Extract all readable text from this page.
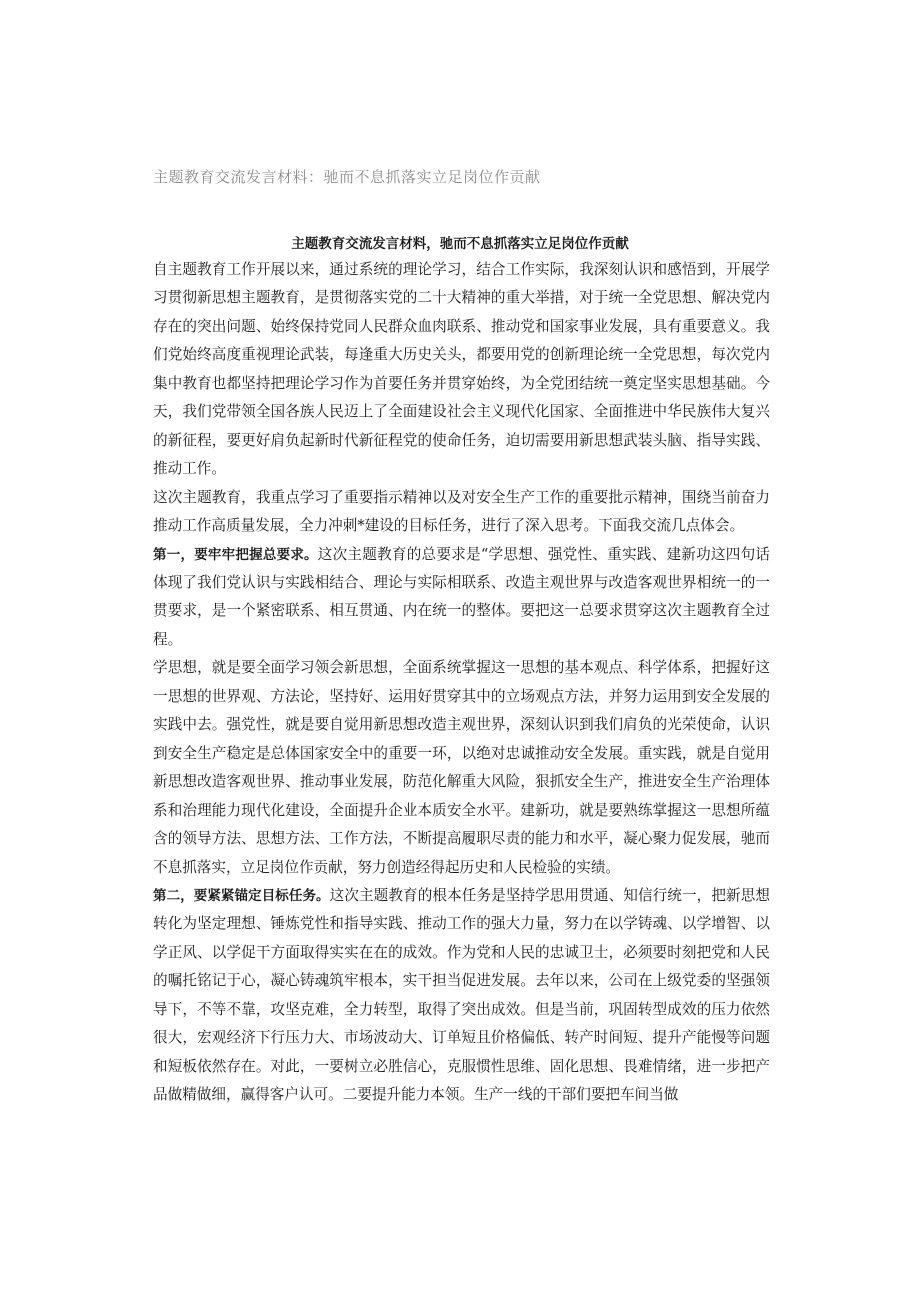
主题教育交流发言材料：驰而不息抓落实立足岗位作贡献
主题教育交流发言材料，驰而不息抓落实立足岗位作贡献

自主题教育工作开展以来，通过系统的理论学习，结合工作实际，我深刻认识和感悟到，开展学习贯彻新思想主题教育，是贯彻落实党的二十大精神的重大举措，对于统一全党思想、解决党内存在的突出问题、始终保持党同人民群众血肉联系、推动党和国家事业发展，具有重要意义。我们党始终高度重视理论武装，每逢重大历史关头，都要用党的创新理论统一全党思想，每次党内集中教育也都坚持把理论学习作为首要任务并贯穿始终，为全党团结统一奠定坚实思想基础。今天，我们党带领全国各族人民迈上了全面建设社会主义现代化国家、全面推进中华民族伟大复兴的新征程，要更好肩负起新时代新征程党的使命任务，迫切需要用新思想武装头脑、指导实践、推动工作。

这次主题教育，我重点学习了重要指示精神以及对安全生产工作的重要批示精神，围绕当前奋力推动工作高质量发展，全力冲刺*建设的目标任务，进行了深入思考。下面我交流几点体会。

第一，要牢牢把握总要求。这次主题教育的总要求是“学思想、强党性、重实践、建新功这四句话体现了我们党认识与实践相结合、理论与实际相联系、改造主观世界与改造客观世界相统一的一贯要求，是一个紧密联系、相互贯通、内在统一的整体。要把这一总要求贯穿这次主题教育全过程。

学思想，就是要全面学习领会新思想，全面系统掌握这一思想的基本观点、科学体系，把握好这一思想的世界观、方法论，坚持好、运用好贯穿其中的立场观点方法，并努力运用到安全发展的实践中去。强党性，就是要自觉用新思想改造主观世界，深刻认识到我们肩负的光荣使命，认识到安全生产稳定是总体国家安全中的重要一环，以绝对忠诚推动安全发展。重实践，就是自觉用新思想改造客观世界、推动事业发展，防范化解重大风险，狠抓安全生产，推进安全生产治理体系和治理能力现代化建设，全面提升企业本质安全水平。建新功，就是要熟练掌握这一思想所蕴含的领导方法、思想方法、工作方法，不断提高履职尽责的能力和水平，凝心聚力促发展，驰而不息抓落实，立足岗位作贡献，努力创造经得起历史和人民检验的实绩。

第二，要紧紧锚定目标任务。这次主题教育的根本任务是坚持学思用贯通、知信行统一，把新思想转化为坚定理想、锤炼党性和指导实践、推动工作的强大力量，努力在以学铸魂、以学增智、以学正风、以学促干方面取得实实在在的成效。作为党和人民的忠诚卫士，必须要时刻把党和人民的嘱托铭记于心，凝心铸魂筑牢根本，实干担当促进发展。去年以来，公司在上级党委的坚强领导下，不等不靠，攻坚克难，全力转型，取得了突出成效。但是当前，巩固转型成效的压力依然很大，宏观经济下行压力大、市场波动大、订单短且价格偏低、转产时间短、提升产能慢等问题和短板依然存在。对此，一要树立必胜信心，克服惯性思维、固化思想、畏难情绪，进一步把产品做精做细，赢得客户认可。二要提升能力本领。生产一线的干部们要把车间当做
